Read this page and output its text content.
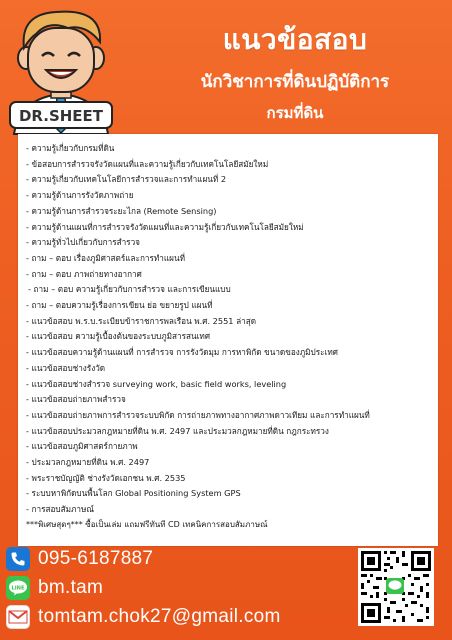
DR.SHEET
แนวข้อสอบ
นักวิชาการที่ดินปฏิบัติการ
กรมที่ดิน
- ความรู้เกี่ยวกับกรมที่ดิน
- ข้อสอบการสำรวจรังวัดแผนที่และความรู้เกี่ยวกับเทคโนโลยีสมัยใหม่
- ความรู้เกี่ยวกับเทคโนโลยีการสำรวจและการทำแผนที่ 2
- ความรู้ด้านการรังวัดภาพถ่าย
- ความรู้ด้านการสำรวจระยะไกล (Remote Sensing)
- ความรู้ด้านแผนที่การสำรวจรังวัดแผนที่และความรู้เกี่ยวกับเทคโนโลยีสมัยใหม่
- ความรู้ทั่วไปเกี่ยวกับการสำรวจ
- ถาม – ตอบ เรื่องภูมิศาสตร์และการทำแผนที่
- ถาม – ตอบ ภาพถ่ายทางอากาศ
- ถาม – ตอบ ความรู้เกี่ยวกับการสำรวจ และการเขียนแบบ
- ถาม – ตอบความรู้เรื่องการเขียน ย่อ ขยายรูป แผนที่
- แนวข้อสอบ พ.ร.บ.ระเบียบข้าราชการพลเรือน พ.ศ. 2551 ล่าสุด
- แนวข้อสอบ ความรู้เบื้องต้นของระบบภูมิสารสนเทศ
- แนวข้อสอบความรู้ด้านแผนที่ การสำรวจ การรังวัดมุม การหาพิกัด ขนาดของภูมิประเทศ
- แนวข้อสอบช่างรังวัด
- แนวข้อสอบช่างสำรวจ surveying work, basic field works, leveling
- แนวข้อสอบถ่ายภาพสำรวจ
- แนวข้อสอบถ่ายภาพการสำรวจระบบพิกัด การถ่ายภาพทางอากาศภาพดาวเทียม และการทำแผนที่
- แนวข้อสอบประมวลกฎหมายที่ดิน พ.ศ. 2497 และประมวลกฎหมายที่ดิน กฎกระทรวง
- แนวข้อสอบภูมิศาสตร์กายภาพ
- ประมวลกฎหมายที่ดิน พ.ศ. 2497
- พระราชบัญญัติ ช่างรังวัดเอกชน พ.ศ. 2535
- ระบบหาพิกัดบนพื้นโลก Global Positioning System GPS
- การสอบสัมภาษณ์
***พิเศษสุดๆ*** ซื้อเป็นเล่ม แถมฟรีทันที CD เทคนิคการสอบสัมภาษณ์
095-6187887
LINE bm.tam
tomtam.chok27@gmail.com
